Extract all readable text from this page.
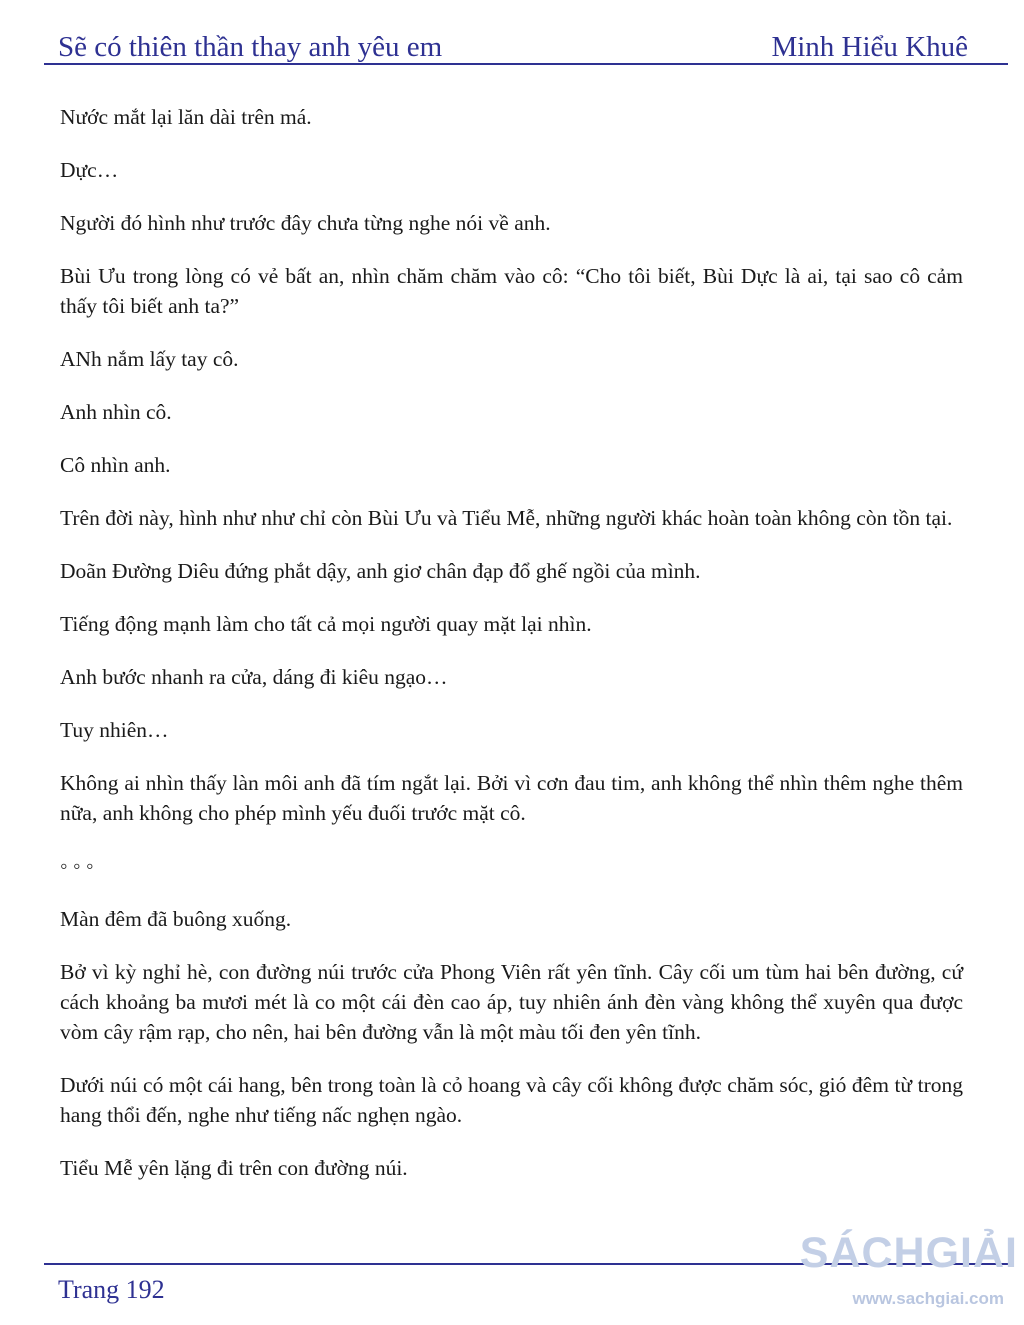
Sẽ có thiên thần thay anh yêu em	Minh Hiểu Khuê

Nước mắt lại lăn dài trên má.

Dực…

Người đó hình như trước đây chưa từng nghe nói về anh.

Bùi Ưu trong lòng có vẻ bất an, nhìn chăm chăm vào cô: “Cho tôi biết, Bùi Dực là ai, tại sao cô cảm thấy tôi biết anh ta?”

ANh nắm lấy tay cô.

Anh nhìn cô.

Cô nhìn anh.

Trên đời này, hình như như chỉ còn Bùi Ưu và Tiểu Mễ, những người khác hoàn toàn không còn tồn tại.

Doãn Đường Diêu đứng phắt dậy, anh giơ chân đạp đổ ghế ngồi của mình.

Tiếng động mạnh làm cho tất cả mọi người quay mặt lại nhìn.

Anh bước nhanh ra cửa, dáng đi kiêu ngạo…

Tuy nhiên…

Không ai nhìn thấy làn môi anh đã tím ngắt lại. Bởi vì cơn đau tim, anh không thể nhìn thêm nghe thêm nữa, anh không cho phép mình yếu đuối trước mặt cô.

◦ ◦ ◦

Màn đêm đã buông xuống.

Bở vì kỳ nghỉ hè, con đường núi trước cửa Phong Viên rất yên tĩnh. Cây cối um tùm hai bên đường, cứ cách khoảng ba mươi mét là co một cái đèn cao áp, tuy nhiên ánh đèn vàng không thể xuyên qua được vòm cây rậm rạp, cho nên, hai bên đường vẫn là một màu tối đen yên tĩnh.

Dưới núi có một cái hang, bên trong toàn là cỏ hoang và cây cối không được chăm sóc, gió đêm từ trong hang thổi đến, nghe như tiếng nấc nghẹn ngào.

Tiểu Mễ yên lặng đi trên con đường núi.

Trang 192
SÁCHGIẢI
www.sachgiai.com
